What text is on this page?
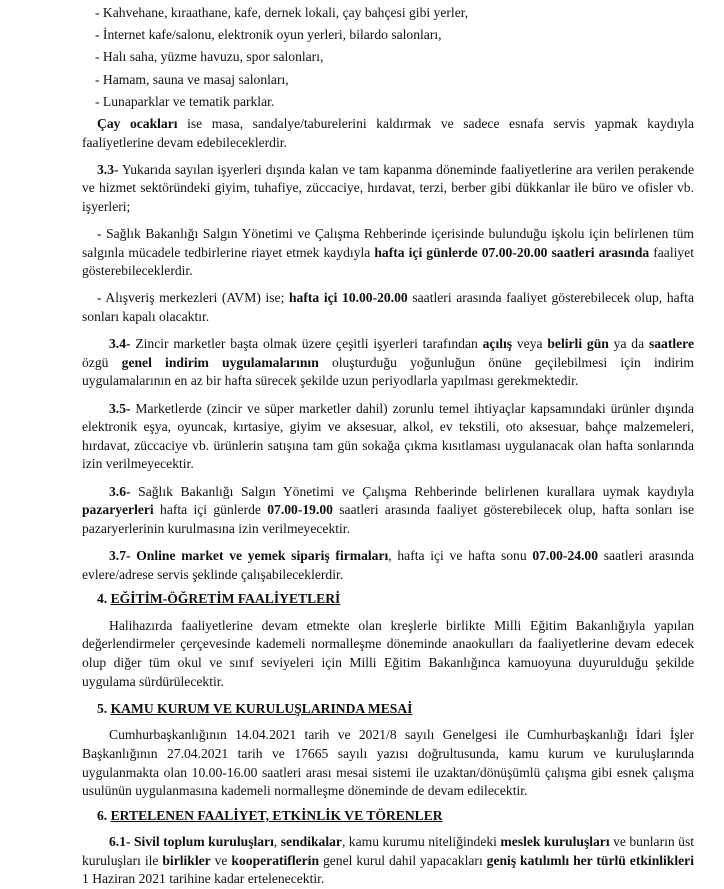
- Kahvehane, kıraathane, kafe, dernek lokali, çay bahçesi gibi yerler,
- İnternet kafe/salonu, elektronik oyun yerleri, bilardo salonları,
- Halı saha, yüzme havuzu, spor salonları,
- Hamam, sauna ve masaj salonları,
- Lunaparklar ve tematik parklar.

Çay ocakları ise masa, sandalye/taburelerini kaldırmak ve sadece esnafa servis yapmak kaydıyla faaliyetlerine devam edebileceklerdir.

3.3- Yukarıda sayılan işyerleri dışında kalan ve tam kapanma döneminde faaliyetlerine ara verilen perakende ve hizmet sektöründeki giyim, tuhafiye, züccaciye, hırdavat, terzi, berber gibi dükkanlar ile büro ve ofisler vb. işyerleri;

- Sağlık Bakanlığı Salgın Yönetimi ve Çalışma Rehberinde içerisinde bulunduğu işkolu için belirlenen tüm salgınla mücadele tedbirlerine riayet etmek kaydıyla hafta içi günlerde 07.00-20.00 saatleri arasında faaliyet gösterebileceklerdir.

- Alışveriş merkezleri (AVM) ise; hafta içi 10.00-20.00 saatleri arasında faaliyet gösterebilecek olup, hafta sonları kapalı olacaktır.

3.4- Zincir marketler başta olmak üzere çeşitli işyerleri tarafından açılış veya belirli gün ya da saatlere özgü genel indirim uygulamalarının oluşturduğu yoğunluğun önüne geçilebilmesi için indirim uygulamalarının en az bir hafta sürecek şekilde uzun periyodlarla yapılması gerekmektedir.

3.5- Marketlerde (zincir ve süper marketler dahil) zorunlu temel ihtiyaçlar kapsamındaki ürünler dışında elektronik eşya, oyuncak, kırtasiye, giyim ve aksesuar, alkol, ev tekstili, oto aksesuar, bahçe malzemeleri, hırdavat, züccaciye vb. ürünlerin satışına tam gün sokağa çıkma kısıtlaması uygulanacak olan hafta sonlarında izin verilmeyecektir.

3.6- Sağlık Bakanlığı Salgın Yönetimi ve Çalışma Rehberinde belirlenen kurallara uymak kaydıyla pazaryerleri hafta içi günlerde 07.00-19.00 saatleri arasında faaliyet gösterebilecek olup, hafta sonları ise pazaryerlerinin kurulmasına izin verilmeyecektir.

3.7- Online market ve yemek sipariş firmaları, hafta içi ve hafta sonu 07.00-24.00 saatleri arasında evlere/adrese servis şeklinde çalışabileceklerdir.

4. EĞİTİM-ÖĞRETİM FAALİYETLERİ

Halihazırda faaliyetlerine devam etmekte olan kreşlerle birlikte Milli Eğitim Bakanlığıyla yapılan değerlendirmeler çerçevesinde kademeli normalleşme döneminde anaokulları da faaliyetlerine devam edecek olup diğer tüm okul ve sınıf seviyeleri için Milli Eğitim Bakanlığınca kamuoyuna duyurulduğu şekilde uygulama sürdürülecektir.

5. KAMU KURUM VE KURULUŞLARINDA MESAİ

Cumhurbaşkanlığının 14.04.2021 tarih ve 2021/8 sayılı Genelgesi ile Cumhurbaşkanlığı İdari İşler Başkanlığının 27.04.2021 tarih ve 17665 sayılı yazısı doğrultusunda, kamu kurum ve kuruluşlarında uygulanmakta olan 10.00-16.00 saatleri arası mesai sistemi ile uzaktan/dönüşümlü çalışma gibi esnek çalışma usulünün uygulanmasına kademeli normalleşme döneminde de devam edilecektir.

6. ERTELENEN FAALİYET, ETKİNLİK VE TÖRENLER

6.1- Sivil toplum kuruluşları, sendikalar, kamu kurumu niteliğindeki meslek kuruluşları ve bunların üst kuruluşları ile birlikler ve kooperatiflerin genel kurul dahil yapacakları geniş katılımlı her türlü etkinlikleri 1 Haziran 2021 tarihine kadar ertelenecektir.
